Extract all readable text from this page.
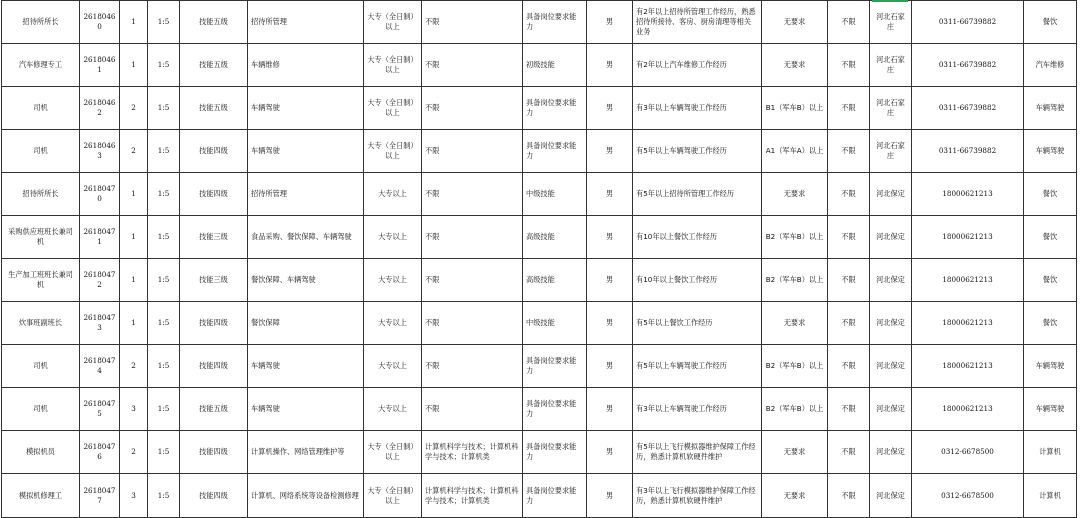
招待所所长	26180460	1	1:5	技能五级	招待所管理	大专（全日制）以上	不限	具备岗位要求能力	男	有2年以上招待所管理工作经历，熟悉招待所接待、客房、厨房清理等相关业务	无要求	不限	河北石家庄	0311-66739882	餐饮
汽车修理专工	26180461	1	1:5	技能五级	车辆维修	大专（全日制）以上	不限	初级技能	男	有2年以上汽车维修工作经历	无要求	不限	河北石家庄	0311-66739882	汽车维修
司机	26180462	2	1:5	技能五级	车辆驾驶	大专（全日制）以上	不限	具备岗位要求能力	男	有3年以上车辆驾驶工作经历	B1（军车B）以上	不限	河北石家庄	0311-66739882	车辆驾驶
司机	26180463	2	1:5	技能四级	车辆驾驶	大专（全日制）以上	不限	具备岗位要求能力	男	有5年以上车辆驾驶工作经历	A1（军车A）以上	不限	河北石家庄	0311-66739882	车辆驾驶
招待所所长	26180470	1	1:5	技能四级	招待所管理	大专以上	不限	中级技能	男	有5年以上招待所管理工作经历	无要求	不限	河北保定	18000621213	餐饮
采购供应班班长兼司机	26180471	1	1:5	技能三级	食品采购、餐饮保障、车辆驾驶	大专以上	不限	高级技能	男	有10年以上餐饮工作经历	B2（军车B）以上	不限	河北保定	18000621213	餐饮
生产加工班班长兼司机	26180472	1	1:5	技能三级	餐饮保障、车辆驾驶	大专以上	不限	高级技能	男	有10年以上餐饮工作经历	B2（军车B）以上	不限	河北保定	18000621213	餐饮
炊事班副班长	26180473	1	1:5	技能四级	餐饮保障	大专以上	不限	中级技能	男	有5年以上餐饮工作经历	无要求	不限	河北保定	18000621213	餐饮
司机	26180474	2	1:5	技能四级	车辆驾驶	大专以上	不限	具备岗位要求能力	男	有5年以上车辆驾驶工作经历	B2（军车B）以上	不限	河北保定	18000621213	车辆驾驶
司机	26180475	3	1:5	技能五级	车辆驾驶	大专以上	不限	具备岗位要求能力	男	有3年以上车辆驾驶工作经历	B2（军车B）以上	不限	河北保定	18000621213	车辆驾驶
模拟机员	26180476	2	1:5	技能四级	计算机操作、网络管理维护等	大专（全日制）以上	计算机科学与技术；计算机科学与技术；计算机类	具备岗位要求能力	男	有5年以上飞行模拟器维护保障工作经历，熟悉计算机软硬件维护	无要求	不限	河北保定	0312-6678500	计算机
模拟机修理工	26180477	3	1:5	技能四级	计算机、网络系统等设备检测修理	大专（全日制）以上	计算机科学与技术；计算机科学与技术；计算机类	具备岗位要求能力	男	有3年以上飞行模拟器维护保障工作经历，熟悉计算机软硬件维护	无要求	不限	河北保定	0312-6678500	计算机
